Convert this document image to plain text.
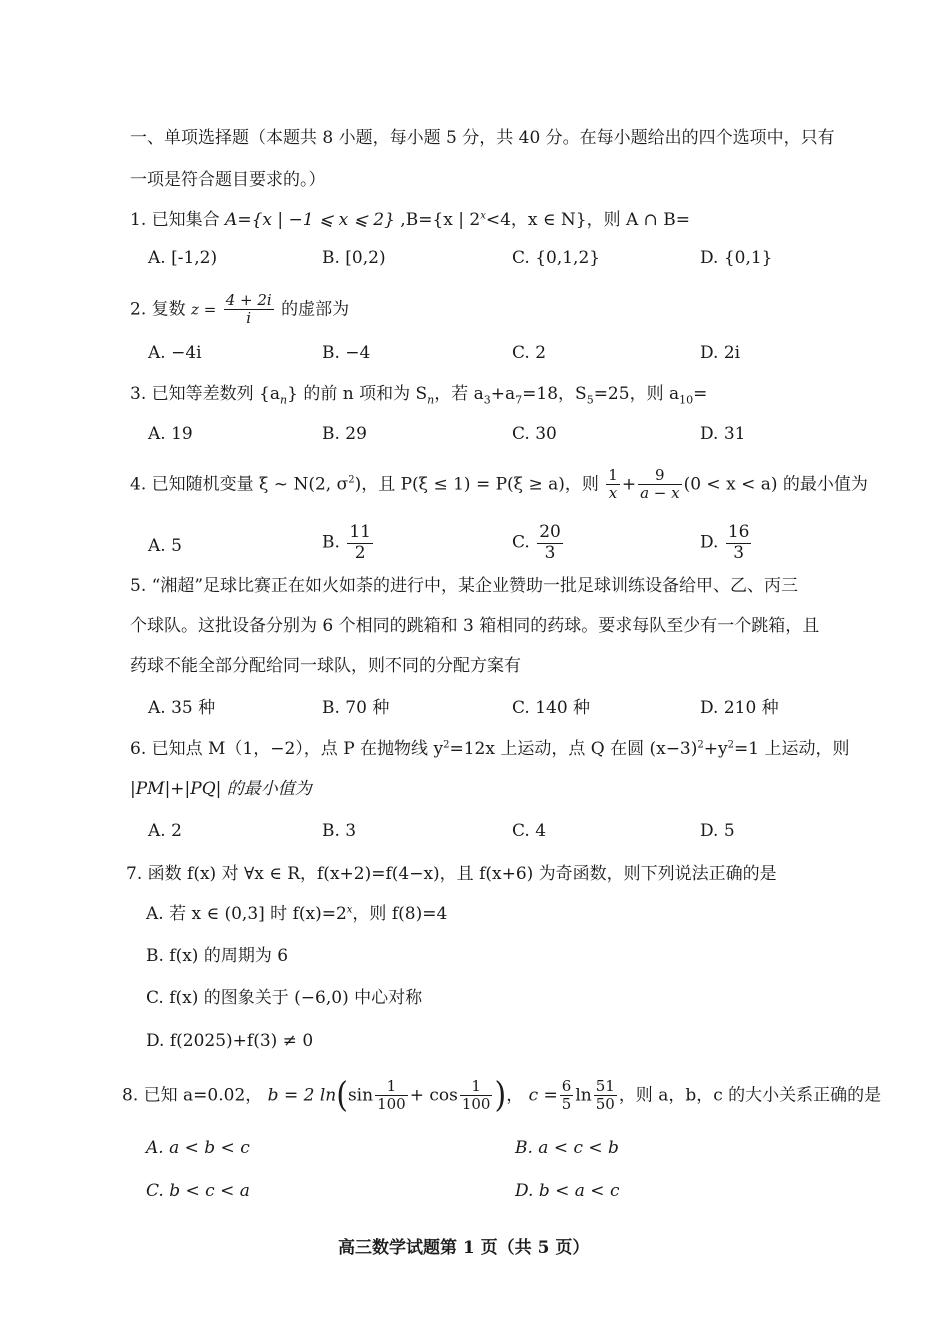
一、单项选择题（本题共 8 小题，每小题 5 分，共 40 分。在每小题给出的四个选项中，只有
一项是符合题目要求的。）
1. 已知集合 A={x | −1 ⩽ x ⩽ 2} ,B={x | $2^x<4$，x ∈ N}，则 A ∩ B=
A. [-1,2)	B. [0,2)	C. {0,1,2}	D. {0,1}
2. 复数 $z = \frac{4 + 2i}{i}$ 的虚部为
A. −4i	B. −4	C. 2	D. 2i
3. 已知等差数列 $\{a_n\}$ 的前 n 项和为 $S_n$，若 $a_3+a_7=18$，$S_5=25$，则 $a_{10}=$
A. 19	B. 29	C. 30	D. 31
4. 已知随机变量 ξ ~ N(2, $\sigma^2$)，且 P(ξ ≤ 1) = P(ξ ≥ a)，则 $\frac{1}{x} + \frac{9}{a - x} (0 < x < a)$ 的最小值为
A. 5	B. $\frac{11}{2}$	C. $\frac{20}{3}$	D. $\frac{16}{3}$
5. “湘超”足球比赛正在如火如荼的进行中，某企业赞助一批足球训练设备给甲、乙、丙三
个球队。这批设备分别为 6 个相同的跳箱和 3 箱相同的药球。要求每队至少有一个跳箱，且
药球不能全部分配给同一球队，则不同的分配方案有
A. 35 种	B. 70 种	C. 140 种	D. 210 种
6. 已知点 M（1，−2），点 P 在抛物线 $y^2=12x$ 上运动，点 Q 在圆 $(x-3)^2+y^2=1$ 上运动，则
|PM|+|PQ| 的最小值为
A. 2	B. 3	C. 4	D. 5
7. 函数 f(x) 对 ∀x ∈ R，f(x+2)=f(4−x)，且 f(x+6) 为奇函数，则下列说法正确的是
A. 若 x ∈ (0,3] 时 $f(x)=2^x$，则 f(8)=4
B. f(x) 的周期为 6
C. f(x) 的图象关于 (−6,0) 中心对称
D. f(2025)+f(3) ≠ 0
8. 已知 a=0.02， b = 2 $\ln(\sin \frac{1}{100} + \cos \frac{1}{100}$ )， $c = \frac{6}{5}$ $\ln \frac{51}{50}$ ，则 a，b，c 的大小关系正确的是
A. a < b < c	B. a < c < b
C. b < c < a	D. b < a < c
高三数学试题第 1 页（共 5 页）
